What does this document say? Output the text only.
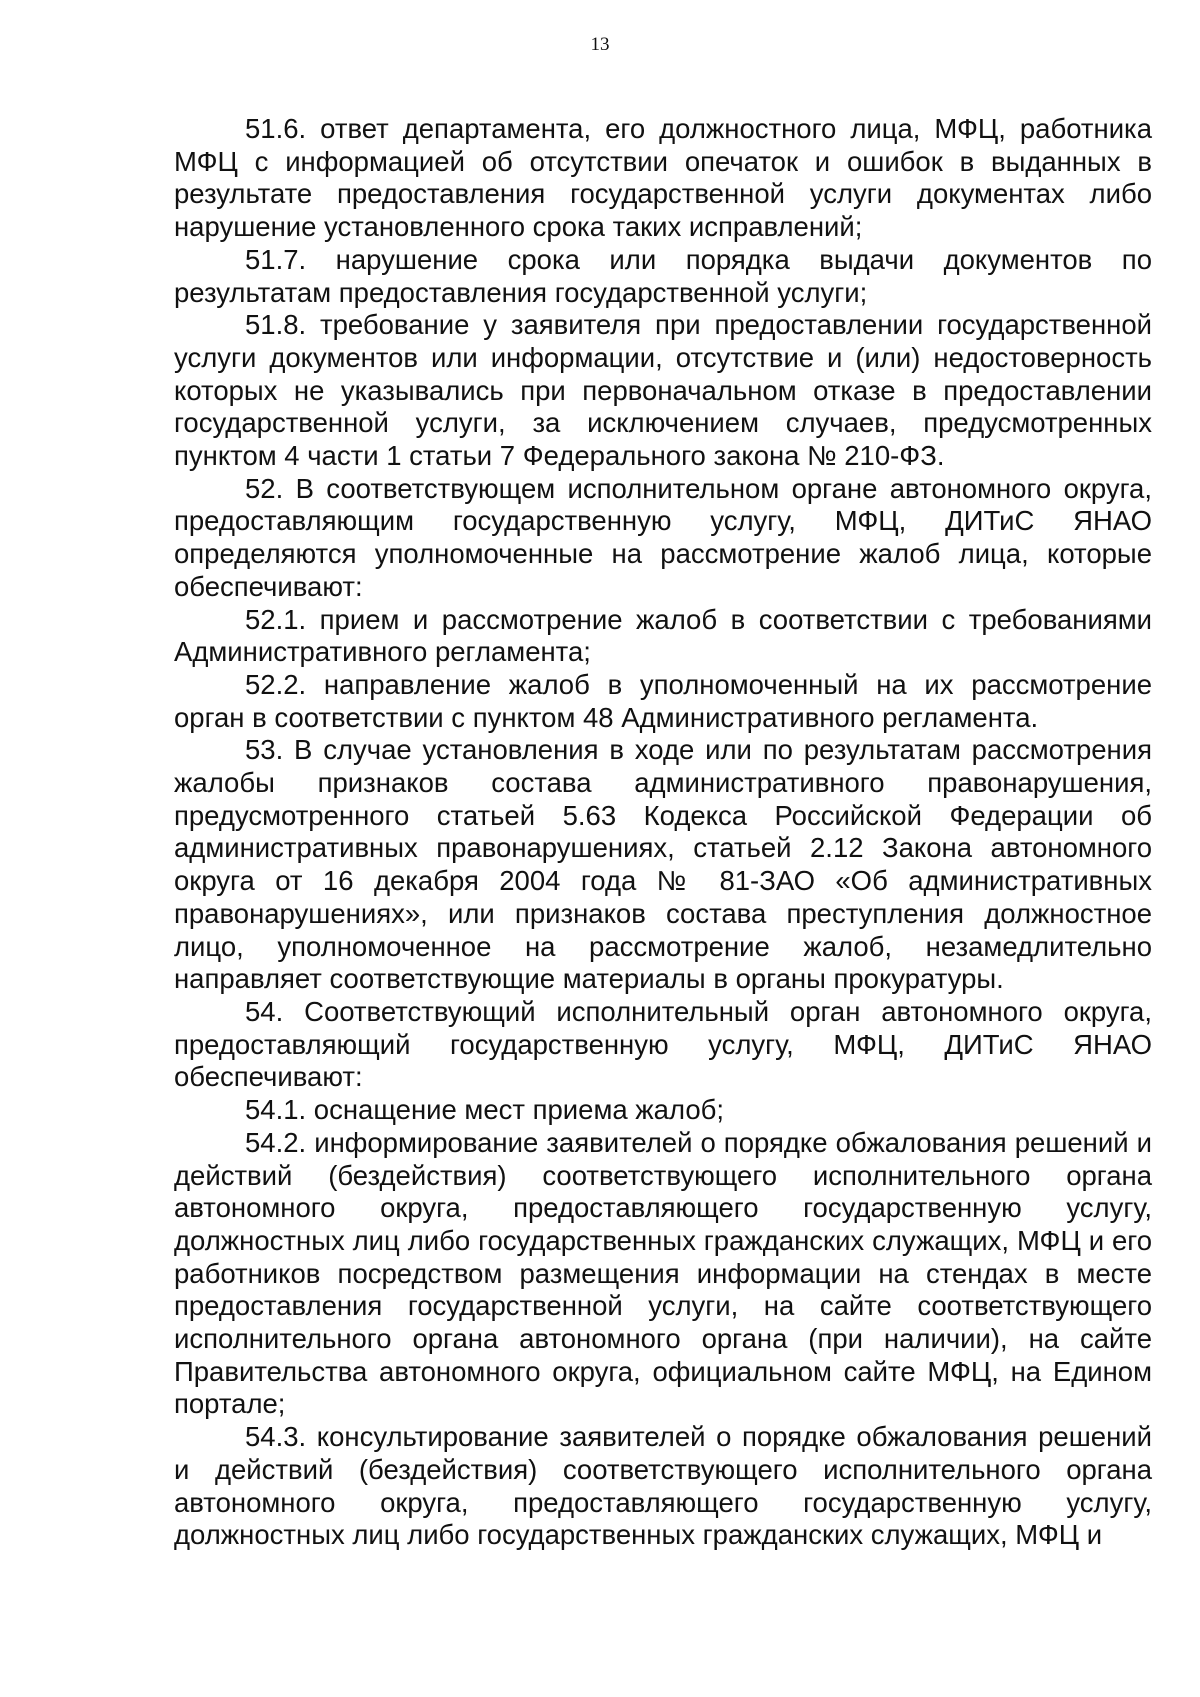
13

51.6. ответ департамента, его должностного лица, МФЦ, работника МФЦ с информацией об отсутствии опечаток и ошибок в выданных в результате предоставления государственной услуги документах либо нарушение установленного срока таких исправлений;

51.7. нарушение срока или порядка выдачи документов по результатам предоставления государственной услуги;

51.8. требование у заявителя при предоставлении государственной услуги документов или информации, отсутствие и (или) недостоверность которых не указывались при первоначальном отказе в предоставлении государственной услуги, за исключением случаев, предусмотренных пунктом 4 части 1 статьи 7 Федерального закона № 210-ФЗ.

52. В соответствующем исполнительном органе автономного округа, предоставляющим государственную услугу, МФЦ, ДИТиС ЯНАО определяются уполномоченные на рассмотрение жалоб лица, которые обеспечивают:

52.1. прием и рассмотрение жалоб в соответствии с требованиями Административного регламента;

52.2. направление жалоб в уполномоченный на их рассмотрение орган в соответствии с пунктом 48 Административного регламента.

53. В случае установления в ходе или по результатам рассмотрения жалобы признаков состава административного правонарушения, предусмотренного статьей 5.63 Кодекса Российской Федерации об административных правонарушениях, статьей 2.12 Закона автономного округа от 16 декабря 2004 года № 81-ЗАО «Об административных правонарушениях», или признаков состава преступления должностное лицо, уполномоченное на рассмотрение жалоб, незамедлительно направляет соответствующие материалы в органы прокуратуры.

54. Соответствующий исполнительный орган автономного округа, предоставляющий государственную услугу, МФЦ, ДИТиС ЯНАО обеспечивают:

54.1. оснащение мест приема жалоб;

54.2. информирование заявителей о порядке обжалования решений и действий (бездействия) соответствующего исполнительного органа автономного округа, предоставляющего государственную услугу, должностных лиц либо государственных гражданских служащих, МФЦ и его работников посредством размещения информации на стендах в месте предоставления государственной услуги, на сайте соответствующего исполнительного органа автономного органа (при наличии), на сайте Правительства автономного округа, официальном сайте МФЦ, на Едином портале;

54.3. консультирование заявителей о порядке обжалования решений и действий (бездействия) соответствующего исполнительного органа автономного округа, предоставляющего государственную услугу, должностных лиц либо государственных гражданских служащих, МФЦ и
